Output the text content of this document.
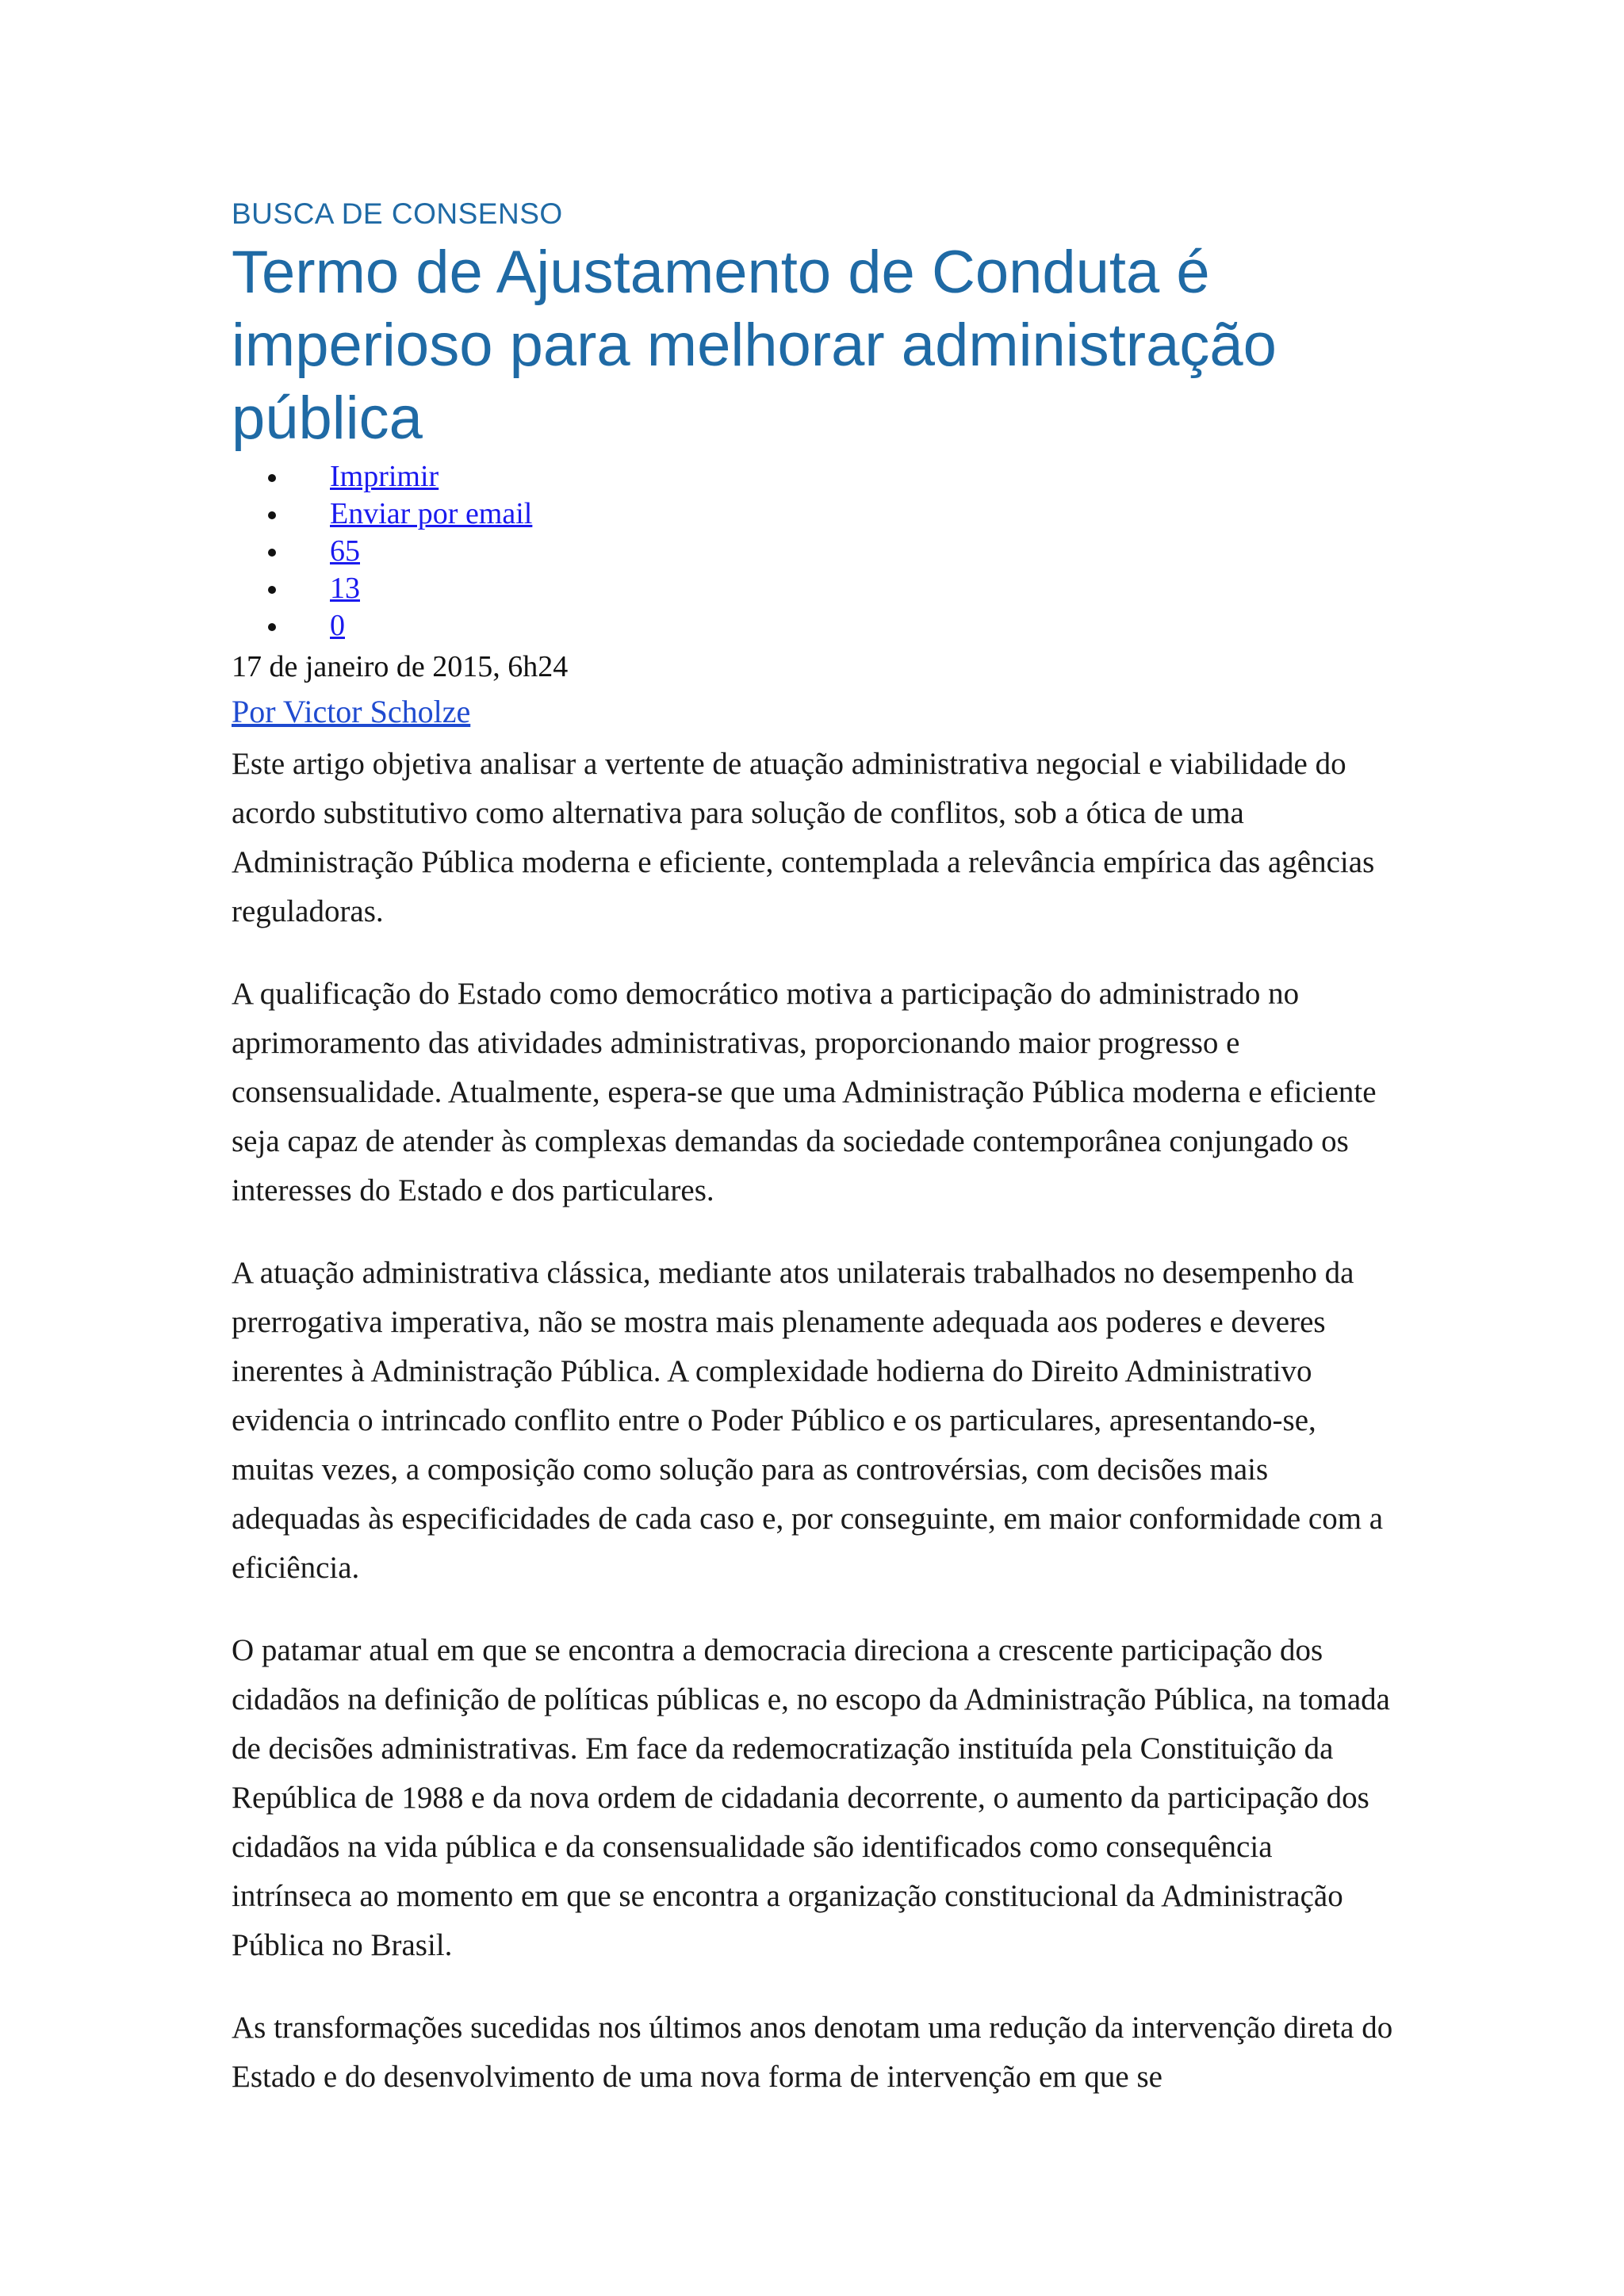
BUSCA DE CONSENSO

Termo de Ajustamento de Conduta é imperioso para melhorar administração pública
Imprimir
Enviar por email
65
13
0

17 de janeiro de 2015, 6h24

Por Victor Scholze

Este artigo objetiva analisar a vertente de atuação administrativa negocial e viabilidade do acordo substitutivo como alternativa para solução de conflitos, sob a ótica de uma Administração Pública moderna e eficiente, contemplada a relevância empírica das agências reguladoras.

A qualificação do Estado como democrático motiva a participação do administrado no aprimoramento das atividades administrativas, proporcionando maior progresso e consensualidade. Atualmente, espera-se que uma Administração Pública moderna e eficiente seja capaz de atender às complexas demandas da sociedade contemporânea conjungado os interesses do Estado e dos particulares.

A atuação administrativa clássica, mediante atos unilaterais trabalhados no desempenho da prerrogativa imperativa, não se mostra mais plenamente adequada aos poderes e deveres inerentes à Administração Pública. A complexidade hodierna do Direito Administrativo evidencia o intrincado conflito entre o Poder Público e os particulares, apresentando-se, muitas vezes, a composição como solução para as controvérsias, com decisões mais adequadas às especificidades de cada caso e, por conseguinte, em maior conformidade com a eficiência.

O patamar atual em que se encontra a democracia direciona a crescente participação dos cidadãos na definição de políticas públicas e, no escopo da Administração Pública, na tomada de decisões administrativas. Em face da redemocratização instituída pela Constituição da República de 1988 e da nova ordem de cidadania decorrente, o aumento da participação dos cidadãos na vida pública e da consensualidade são identificados como consequência intrínseca ao momento em que se encontra a organização constitucional da Administração Pública no Brasil.

As transformações sucedidas nos últimos anos denotam uma redução da intervenção direta do Estado e do desenvolvimento de uma nova forma de intervenção em que se
